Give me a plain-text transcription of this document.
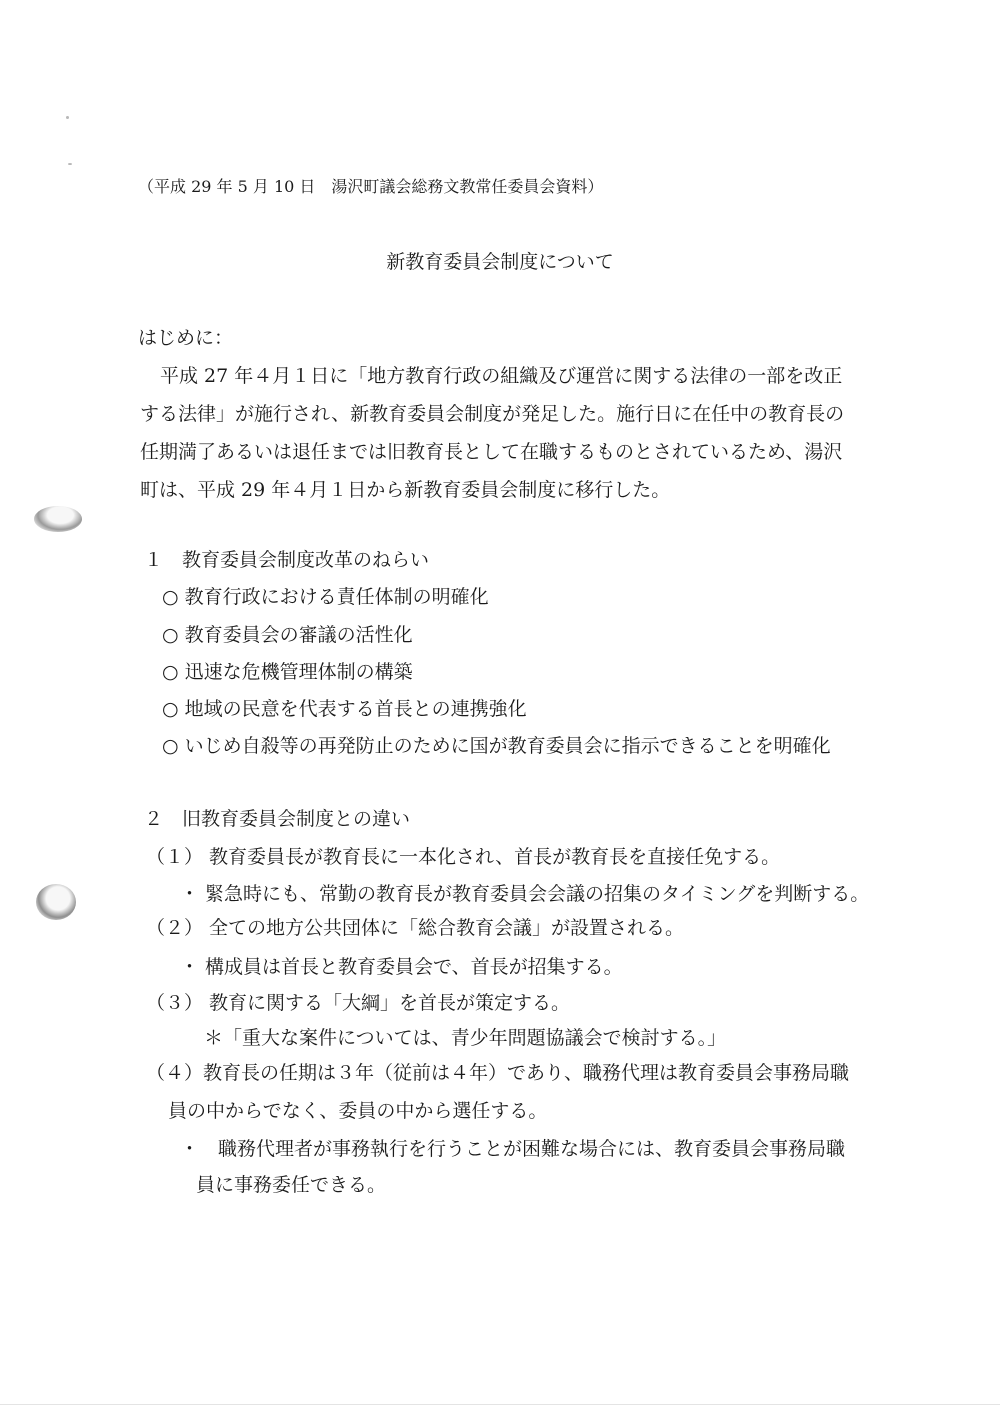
（平成 29 年 5 月 10 日　湯沢町議会総務文教常任委員会資料）

新教育委員会制度について

はじめに：

平成 27 年４月１日に「地方教育行政の組織及び運営に関する法律の一部を改正

する法律」が施行され、新教育委員会制度が発足した。施行日に在任中の教育長の

任期満了あるいは退任までは旧教育長として在職するものとされているため、湯沢

町は、平成 29 年４月１日から新教育委員会制度に移行した。

１　教育委員会制度改革のねらい

○ 教育行政における責任体制の明確化

○ 教育委員会の審議の活性化

○ 迅速な危機管理体制の構築

○ 地域の民意を代表する首長との連携強化

○ いじめ自殺等の再発防止のために国が教育委員会に指示できることを明確化

２　旧教育委員会制度との違い

（１） 教育委員長が教育長に一本化され、首長が教育長を直接任免する。

・ 緊急時にも、常勤の教育長が教育委員会会議の招集のタイミングを判断する。

（２） 全ての地方公共団体に「総合教育会議」が設置される。

・ 構成員は首長と教育委員会で、首長が招集する。

（３） 教育に関する「大綱」を首長が策定する。

＊「重大な案件については、青少年問題協議会で検討する。」

（４）教育長の任期は３年（従前は４年）であり、職務代理は教育委員会事務局職

員の中からでなく、委員の中から選任する。

・　職務代理者が事務執行を行うことが困難な場合には、教育委員会事務局職

員に事務委任できる。
